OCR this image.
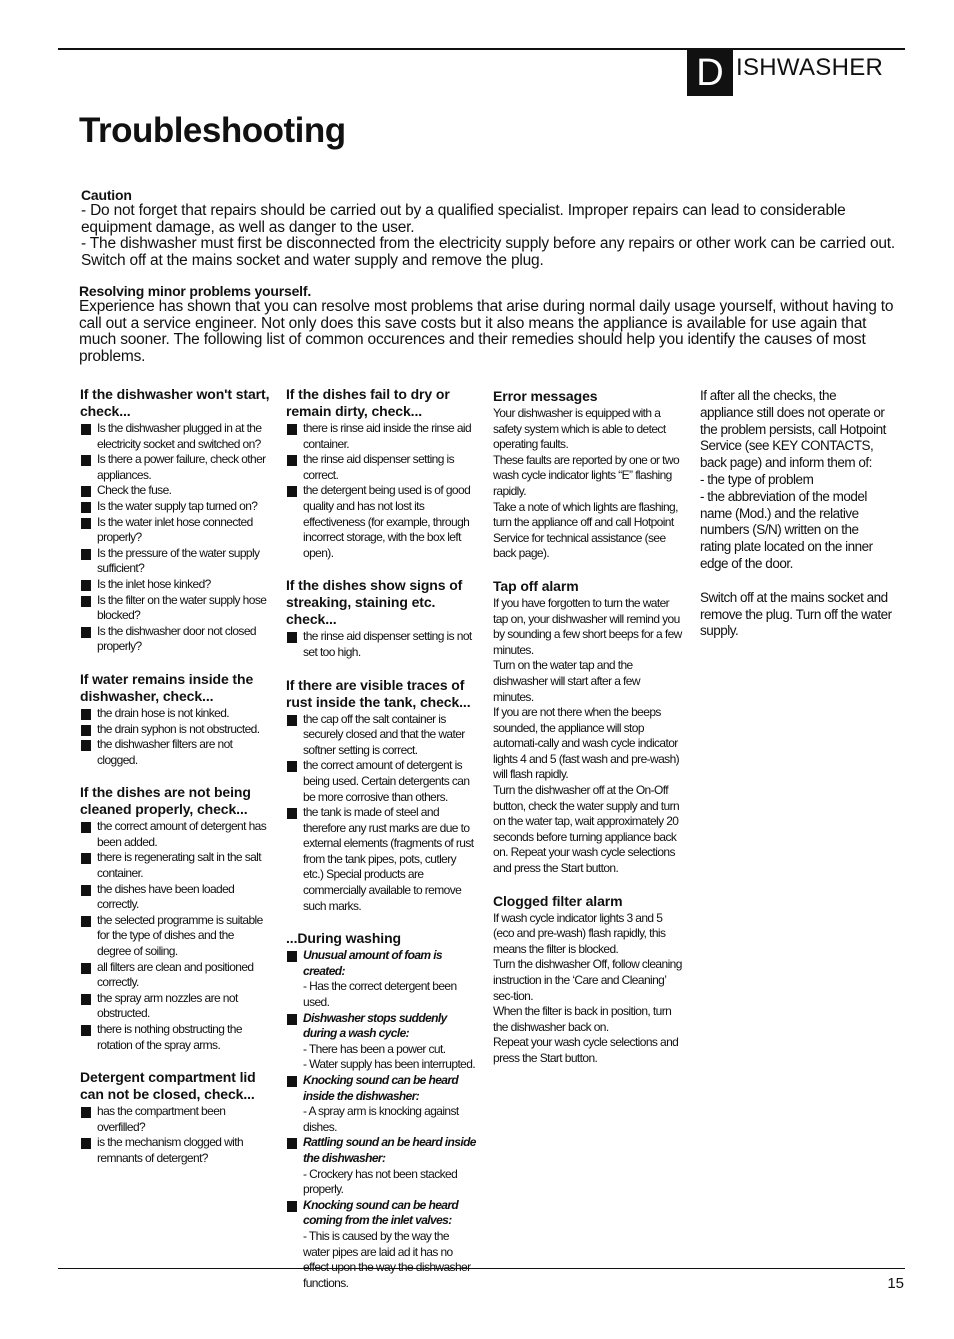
D ISHWASHER
Troubleshooting
Caution
- Do not forget that repairs should be carried out by a qualified specialist. Improper repairs can lead to considerable equipment damage, as well as danger to the user.
- The dishwasher must first be disconnected from the electricity supply before any repairs or other work can be carried out. Switch off at the mains socket and water supply and remove the plug.
Resolving minor problems yourself.
Experience has shown that you can resolve most problems that arise during normal daily usage yourself, without having to call out a service engineer. Not only does this save costs but it also means the appliance is available for use again that much sooner. The following list of common occurences and their remedies should help you identify the causes of most problems.
If the dishwasher won't start, check...
Is the dishwasher plugged in at the electricity socket and switched on?
Is there a power failure, check other appliances.
Check the fuse.
Is the water supply tap turned on?
Is the water inlet hose connected properly?
Is the pressure of the water supply sufficient?
Is the inlet hose kinked?
Is the filter on the water supply hose blocked?
Is the dishwasher door not closed properly?
If water remains inside the dishwasher, check...
the drain hose is not kinked.
the drain syphon is not obstructed.
the dishwasher filters are not clogged.
If the dishes are not being cleaned properly, check...
the correct amount of detergent has been added.
there is regenerating salt in the salt container.
the dishes have been loaded correctly.
the selected programme is suitable for the type of dishes and the degree of soiling.
all filters are clean and positioned correctly.
the spray arm nozzles are not obstructed.
there is nothing obstructing the rotation of the spray arms.
Detergent compartment lid can not be closed, check...
has the compartment been overfilled?
is the mechanism clogged with remnants of detergent?
If the dishes fail to dry or remain dirty, check...
there is rinse aid inside the rinse aid container.
the rinse aid dispenser setting is correct.
the detergent being used is of good quality and has not lost its effectiveness (for example, through incorrect storage, with the box left open).
If the dishes show signs of streaking, staining etc. check...
the rinse aid dispenser setting is not set too high.
If there are visible traces of rust inside the tank, check...
the cap off the salt container is securely closed and that the water softner setting is correct.
the correct amount of detergent is being used. Certain detergents can be more corrosive than others.
the tank is made of steel and therefore any rust marks are due to external elements (fragments of rust from the tank pipes, pots, cutlery etc.) Special products are commercially available to remove such marks.
...During washing
Unusual amount of foam is created:
- Has the correct detergent been used.
Dishwasher stops suddenly during a wash cycle:
- There has been a power cut.
- Water supply has been interrupted.
Knocking sound can be heard inside the dishwasher:
- A spray arm is knocking against dishes.
Rattling sound an be heard inside the dishwasher:
- Crockery has not been stacked properly.
Knocking sound can be heard coming from the inlet valves:
- This is caused by the way the water pipes are laid ad it has no functions.
Error messages
Your dishwasher is equipped with a safety system which is able to detect operating faults.
These faults are reported by one or two wash cycle indicator lights “E” flashing rapidly.
Take a note of which lights are flashing, turn the appliance off and call Hotpoint Service for technical assistance (see back page).
Tap off alarm
If you have forgotten to turn the water tap on, your dishwasher will remind you by sounding a few short beeps for a few minutes.
Turn on the water tap and the dishwasher will start after a few minutes.
If you are not there when the beeps sounded, the appliance will stop automati-cally and wash cycle indicator lights 4 and 5 (fast wash and pre-wash) will flash rapidly.
Turn the dishwasher off at the On-Off button, check the water supply and turn on the water tap, wait approximately 20 seconds before turning appliance back on. Repeat your wash cycle selections and press the Start button.
Clogged filter alarm
If wash cycle indicator lights 3 and 5 (eco and pre-wash) flash rapidly, this means the filter is blocked.
Turn the dishwasher Off, follow cleaning instruction in the ‘Care and Cleaning’ sec-tion.
When the filter is back in position, turn the dishwasher back on.
Repeat your wash cycle selections and press the Start button.
If after all the checks, the appliance still does not operate or the problem persists, call Hotpoint Service (see KEY CONTACTS, back page) and inform them of:
- the type of problem
- the abbreviation of the model name (Mod.) and the relative numbers (S/N) written on the rating plate located on the inner edge of the door.
Switch off at the mains socket and remove the plug. Turn off the water supply.
15
